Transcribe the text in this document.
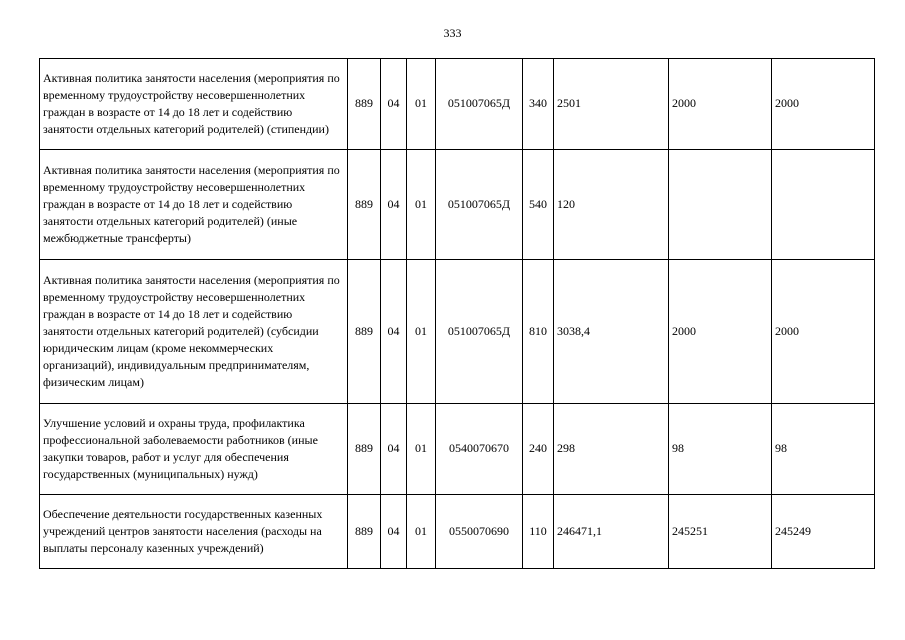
333
Активная политика занятости населения (мероприятия по временному трудоустройству несовершеннолетних граждан в возрасте от 14 до 18 лет и содействию занятости отдельных категорий родителей) (стипендии)	889	04	01	051007065Д	340	2501	2000	2000
Активная политика занятости населения (мероприятия по временному трудоустройству несовершеннолетних граждан в возрасте от 14 до 18 лет и содействию занятости отдельных категорий родителей) (иные межбюджетные трансферты)	889	04	01	051007065Д	540	120		
Активная политика занятости населения (мероприятия по временному трудоустройству несовершеннолетних граждан в возрасте от 14 до 18 лет и содействию занятости отдельных категорий родителей) (субсидии юридическим лицам (кроме некоммерческих организаций), индивидуальным предпринимателям, физическим лицам)	889	04	01	051007065Д	810	3038,4	2000	2000
Улучшение условий и охраны труда, профилактика профессиональной заболеваемости работников (иные закупки товаров, работ и услуг для обеспечения государственных (муниципальных) нужд)	889	04	01	0540070670	240	298	98	98
Обеспечение деятельности государственных казенных учреждений центров занятости населения (расходы на выплаты персоналу казенных учреждений)	889	04	01	0550070690	110	246471,1	245251	245249
